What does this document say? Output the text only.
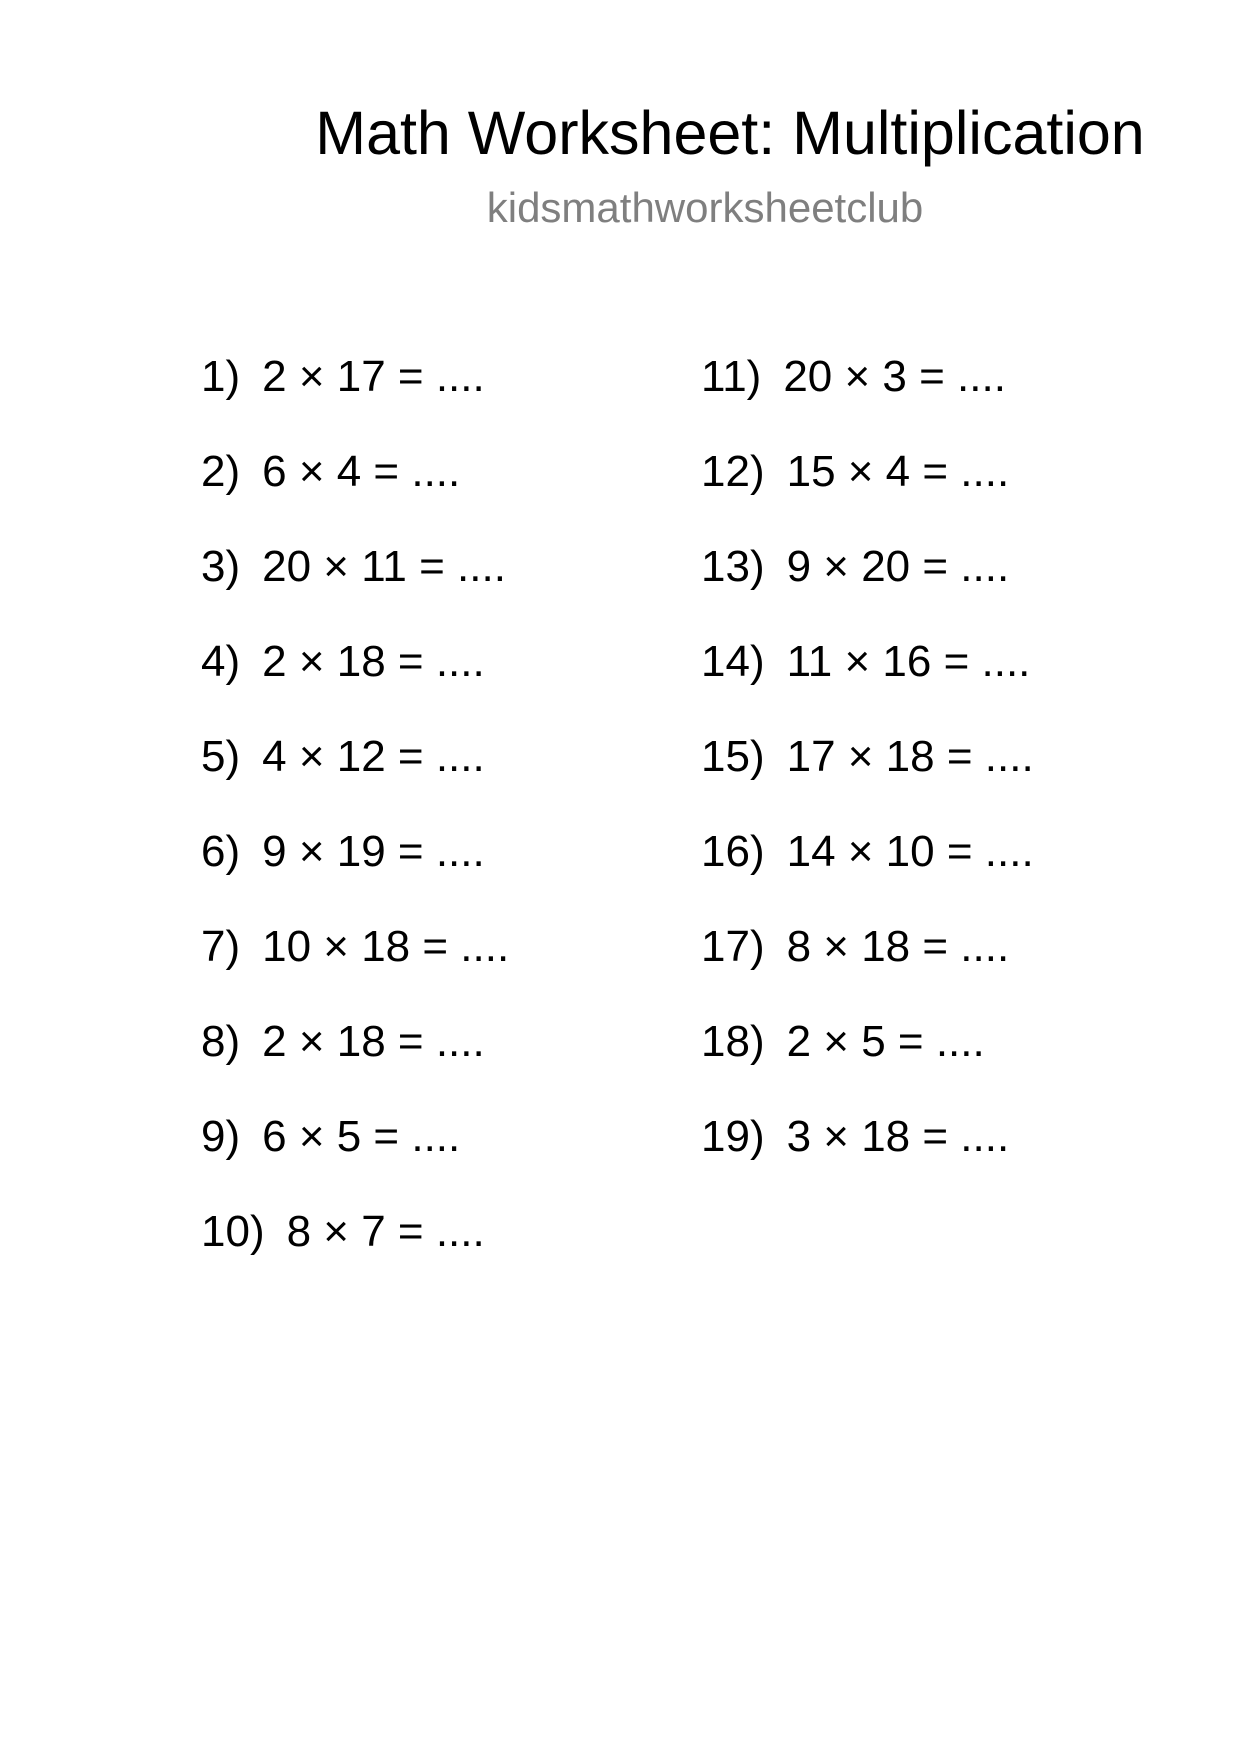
Math Worksheet: Multiplication
kidsmathworksheetclub
1) 2 × 17 = ....
2) 6 × 4 = ....
3) 20 × 11 = ....
4) 2 × 18 = ....
5) 4 × 12 = ....
6) 9 × 19 = ....
7) 10 × 18 = ....
8) 2 × 18 = ....
9) 6 × 5 = ....
10) 8 × 7 = ....
11) 20 × 3 = ....
12) 15 × 4 = ....
13) 9 × 20 = ....
14) 11 × 16 = ....
15) 17 × 18 = ....
16) 14 × 10 = ....
17) 8 × 18 = ....
18) 2 × 5 = ....
19) 3 × 18 = ....
